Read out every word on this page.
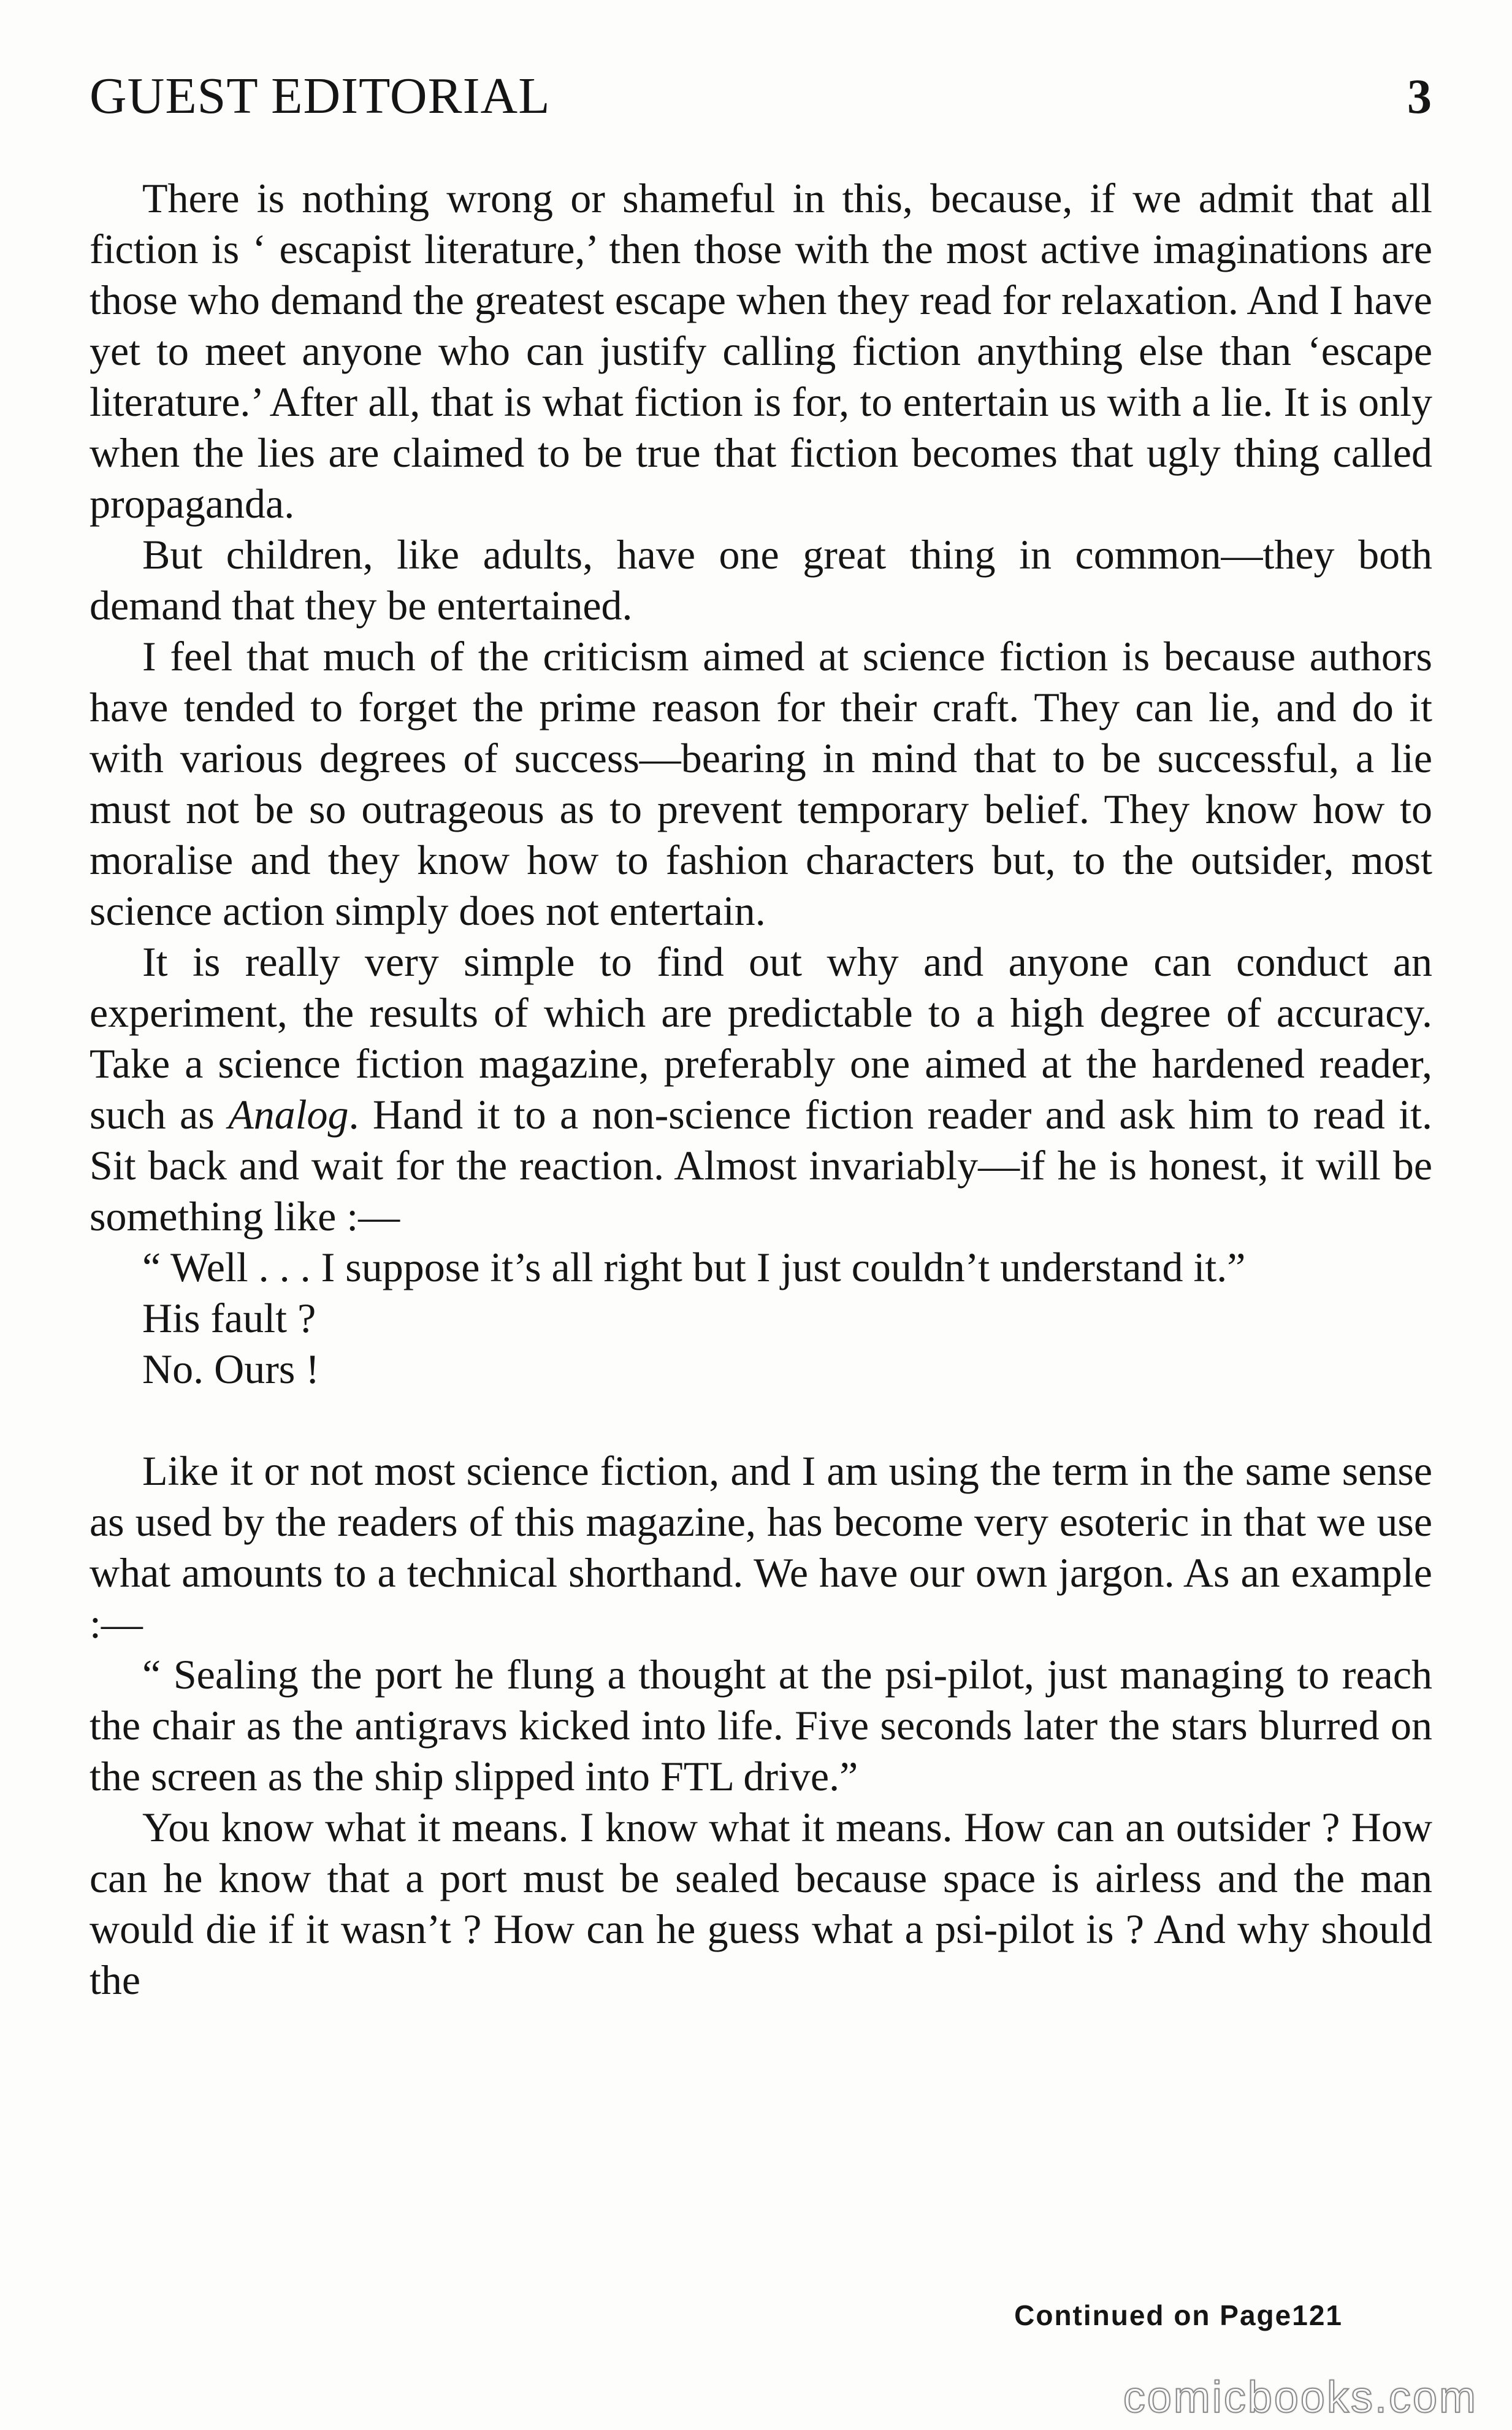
GUEST EDITORIAL	3

There is nothing wrong or shameful in this, because, if we admit that all fiction is ‘ escapist literature,’ then those with the most active imaginations are those who demand the greatest escape when they read for relaxation. And I have yet to meet anyone who can justify calling fiction anything else than ‘escape literature.’ After all, that is what fiction is for, to entertain us with a lie. It is only when the lies are claimed to be true that fiction becomes that ugly thing called propaganda.

But children, like adults, have one great thing in common—they both demand that they be entertained.

I feel that much of the criticism aimed at science fiction is because authors have tended to forget the prime reason for their craft. They can lie, and do it with various degrees of success—bearing in mind that to be successful, a lie must not be so outrageous as to prevent temporary belief. They know how to moralise and they know how to fashion characters but, to the outsider, most science action simply does not entertain.

It is really very simple to find out why and anyone can conduct an experiment, the results of which are predictable to a high degree of accuracy. Take a science fiction magazine, preferably one aimed at the hardened reader, such as Analog. Hand it to a non-science fiction reader and ask him to read it. Sit back and wait for the reaction. Almost invariably—if he is honest, it will be something like :—

“ Well . . . I suppose it’s all right but I just couldn’t understand it.”

His fault ?

No. Ours !

Like it or not most science fiction, and I am using the term in the same sense as used by the readers of this magazine, has become very esoteric in that we use what amounts to a technical shorthand. We have our own jargon. As an example :—

“ Sealing the port he flung a thought at the psi-pilot, just managing to reach the chair as the antigravs kicked into life. Five seconds later the stars blurred on the screen as the ship slipped into FTL drive.”

You know what it means. I know what it means. How can an outsider ? How can he know that a port must be sealed because space is airless and the man would die if it wasn’t ? How can he guess what a psi-pilot is ? And why should the

Continued on Page121
comicbooks.com
